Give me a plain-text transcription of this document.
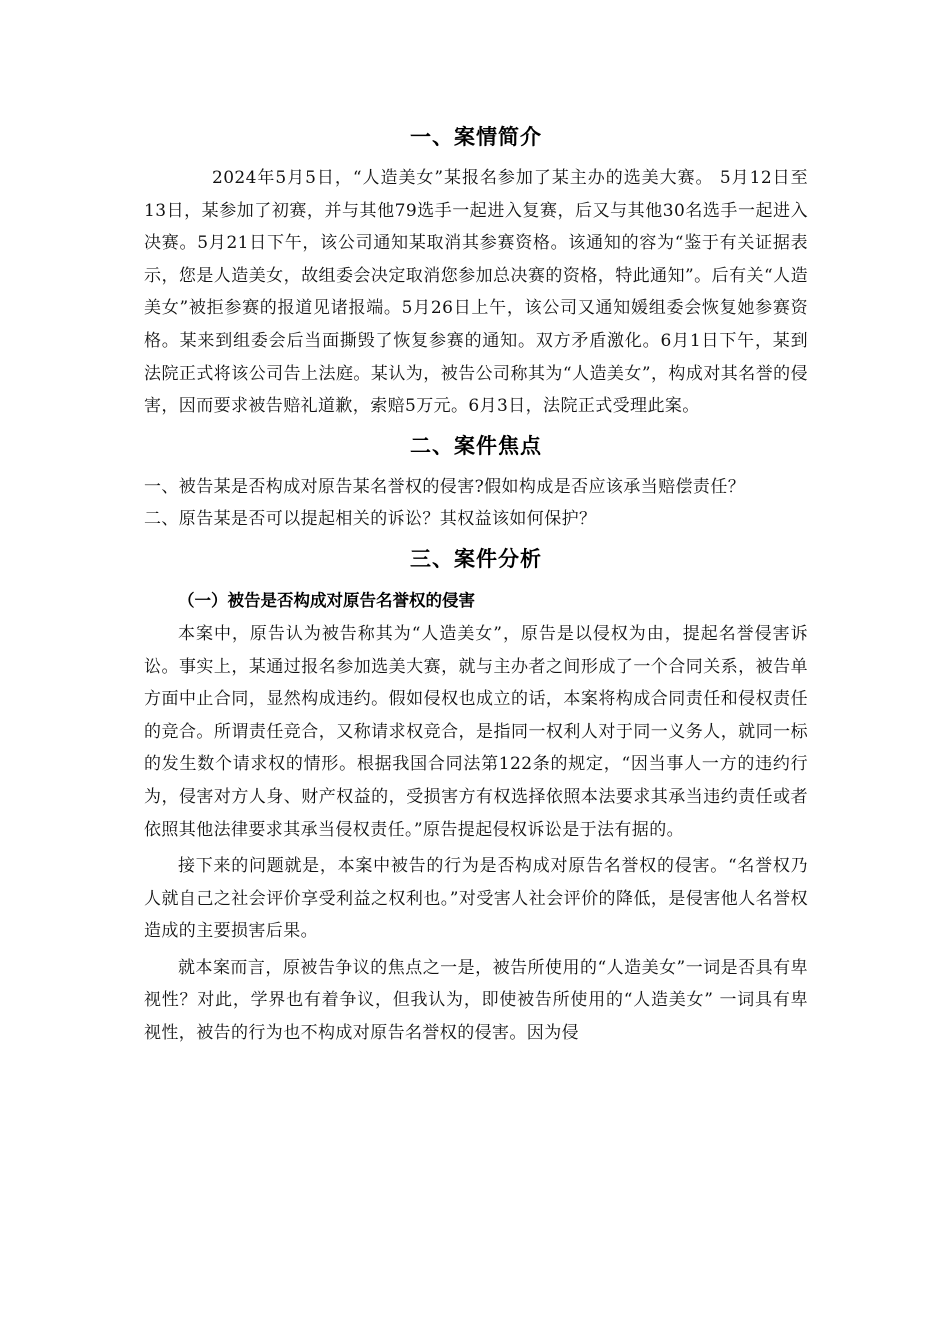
一、案情简介

2024年5月5日，“人造美女”某报名参加了某主办的选美大赛。 5月12日至13日，某参加了初赛，并与其他79选手一起进入复赛，后又与其他30名选手一起进入决赛。5月21日下午，该公司通知某取消其参赛资格。该通知的容为“鉴于有关证据表示，您是人造美女，故组委会决定取消您参加总决赛的资格，特此通知”。后有关“人造美女”被拒参赛的报道见诸报端。5月26日上午，该公司又通知媛组委会恢复她参赛资格。某来到组委会后当面撕毁了恢复参赛的通知。双方矛盾激化。6月1日下午，某到法院正式将该公司告上法庭。某认为，被告公司称其为“人造美女”，构成对其名誉的侵害，因而要求被告赔礼道歉，索赔5万元。6月3日，法院正式受理此案。

二、案件焦点

一、被告某是否构成对原告某名誉权的侵害?假如构成是否应该承当赔偿责任？

二、原告某是否可以提起相关的诉讼？其权益该如何保护？

三、案件分析
（一）被告是否构成对原告名誉权的侵害

本案中，原告认为被告称其为“人造美女”，原告是以侵权为由，提起名誉侵害诉讼。事实上，某通过报名参加选美大赛，就与主办者之间形成了一个合同关系，被告单方面中止合同，显然构成违约。假如侵权也成立的话，本案将构成合同责任和侵权责任的竞合。所谓责任竞合，又称请求权竞合，是指同一权利人对于同一义务人，就同一标的发生数个请求权的情形。根据我国合同法第122条的规定，“因当事人一方的违约行为，侵害对方人身、财产权益的，受损害方有权选择依照本法要求其承当违约责任或者依照其他法律要求其承当侵权责任。”原告提起侵权诉讼是于法有据的。

接下来的问题就是，本案中被告的行为是否构成对原告名誉权的侵害。“名誉权乃人就自己之社会评价享受利益之权利也。”对受害人社会评价的降低，是侵害他人名誉权造成的主要损害后果。

就本案而言，原被告争议的焦点之一是，被告所使用的“人造美女”一词是否具有卑视性？对此，学界也有着争议，但我认为，即使被告所使用的“人造美女” 一词具有卑视性，被告的行为也不构成对原告名誉权的侵害。因为侵
